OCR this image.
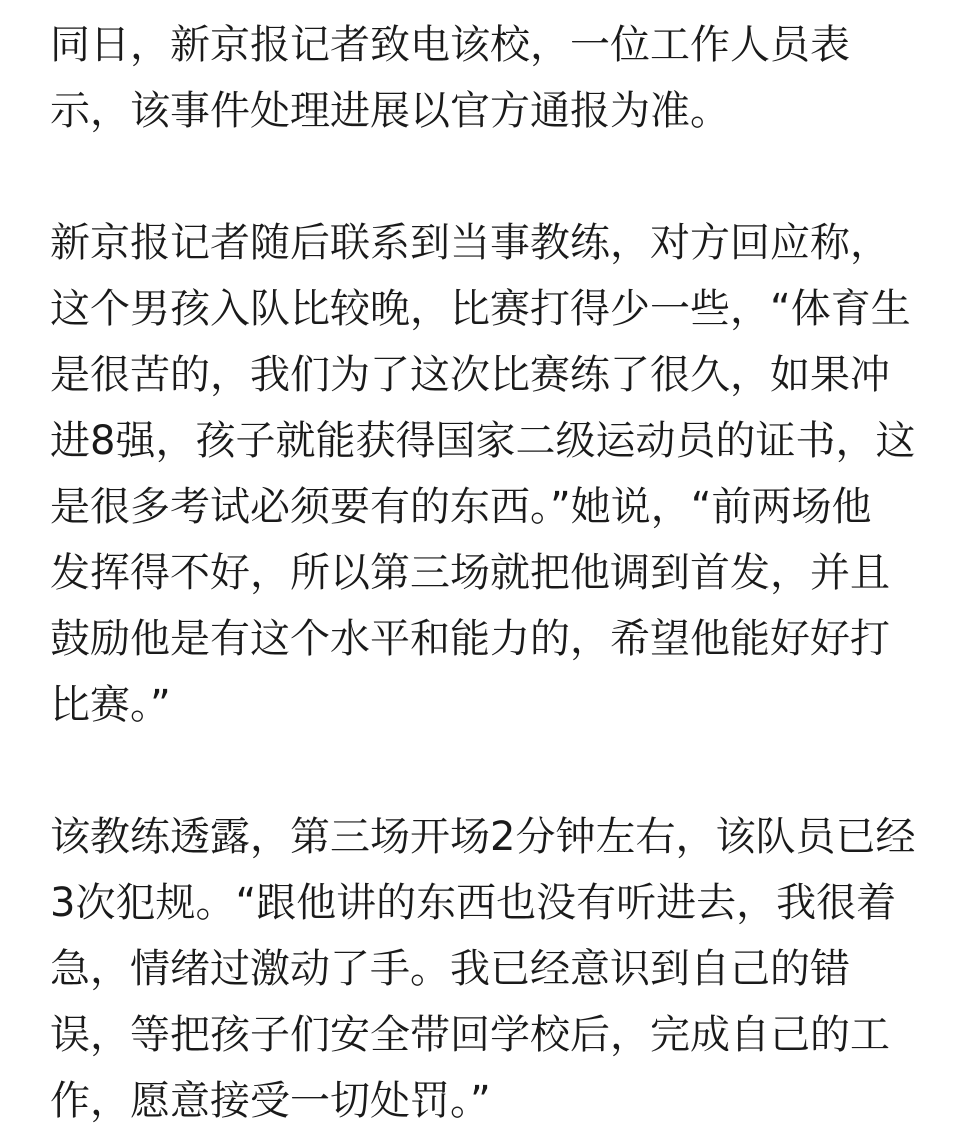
同日，新京报记者致电该校，一位工作人员表
示，该事件处理进展以官方通报为准。
新京报记者随后联系到当事教练，对方回应称，
这个男孩入队比较晚，比赛打得少一些，“体育生
是很苦的，我们为了这次比赛练了很久，如果冲
进8强，孩子就能获得国家二级运动员的证书，这
是很多考试必须要有的东西。”她说，“前两场他
发挥得不好，所以第三场就把他调到首发，并且
鼓励他是有这个水平和能力的，希望他能好好打
比赛。”
该教练透露，第三场开场2分钟左右，该队员已经
3次犯规。“跟他讲的东西也没有听进去，我很着
急，情绪过激动了手。我已经意识到自己的错
误，等把孩子们安全带回学校后，完成自己的工
作，愿意接受一切处罚。”
